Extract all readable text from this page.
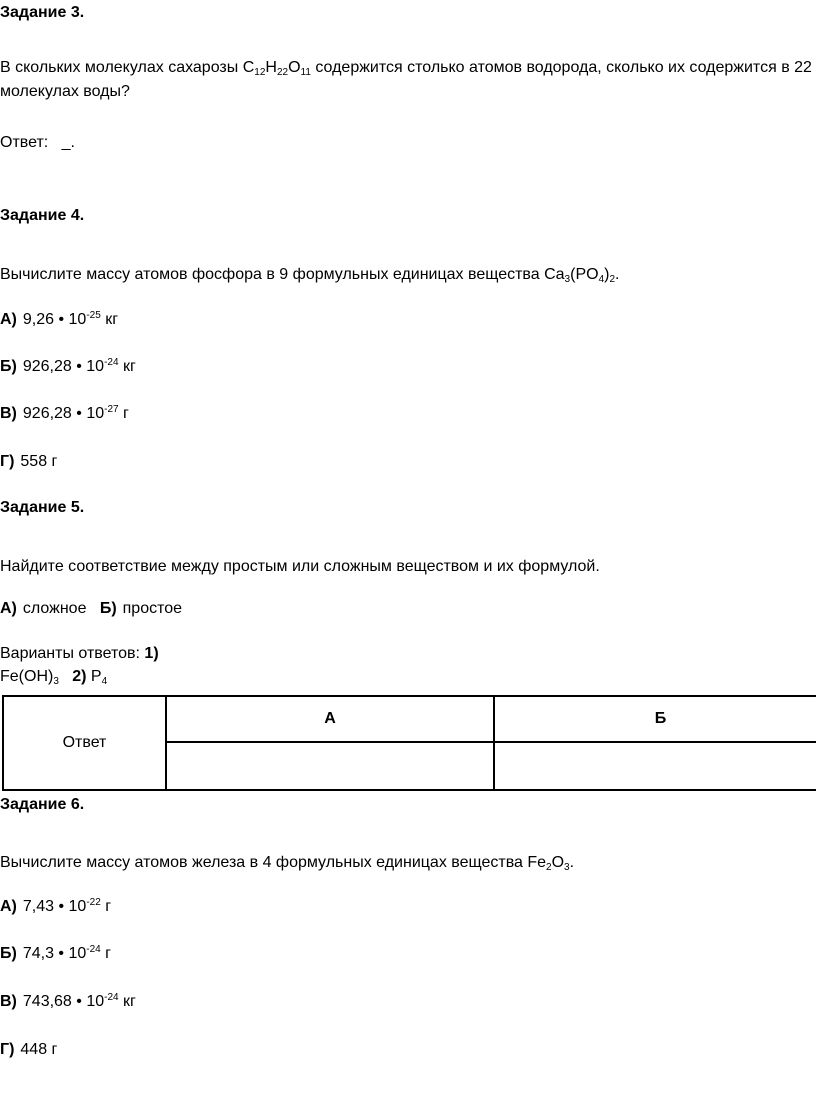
Задание 3.
В скольких молекулах сахарозы $C_{12}H_{22}O_{11}$ содержится столько атомов водорода, сколько их содержится в 22
молекулах воды?
Ответ: _.
Задание 4.
Вычислите массу атомов фосфора в 9 формульных единицах вещества $Ca_3(PO_4)_2$.
А) 9,26 • $10^{-25}$ кг
Б) 926,28 • $10^{-24}$ кг
В) 926,28 • $10^{-27}$ г
Г) 558 г
Задание 5.
Найдите соответствие между простым или сложным веществом и их формулой.
А) сложное Б) простое
Варианты ответов: 1)
$Fe(OH)_3$ 2) $P_4$
Ответ	А	Б

Задание 6.
Вычислите массу атомов железа в 4 формульных единицах вещества $Fe_2O_3$.
А) 7,43 • $10^{-22}$ г
Б) 74,3 • $10^{-24}$ г
В) 743,68 • $10^{-24}$ кг
Г) 448 г
